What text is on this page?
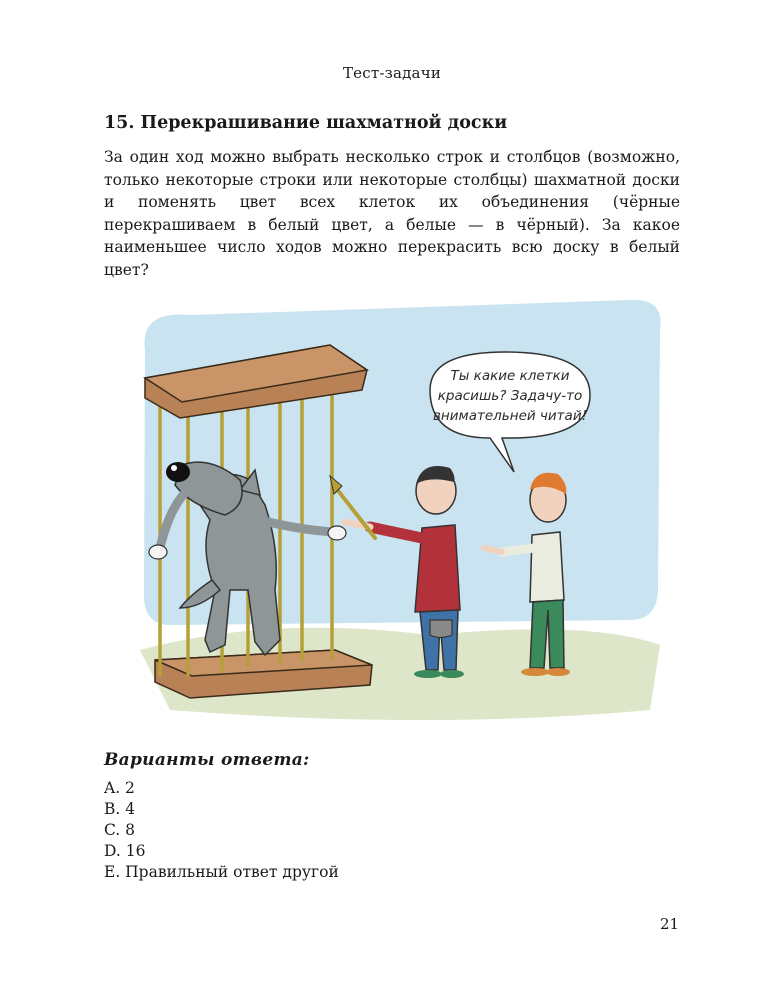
Тест-задачи
15. Перекрашивание шахматной доски

За один ход можно выбрать несколько строк и столбцов (возможно, только некоторые строки или некоторые столбцы) шахматной доски и поменять цвет всех клеток их объединения (чёрные перекрашиваем в белый цвет, а белые — в чёрный). За какое наименьшее число ходов можно перекрасить всю доску в белый цвет?

Ты какие клетки
красишь? Задачу-то
внимательней читай!
Варианты ответа:
A. 2
B. 4
C. 8
D. 16
E. Правильный ответ другой
21
